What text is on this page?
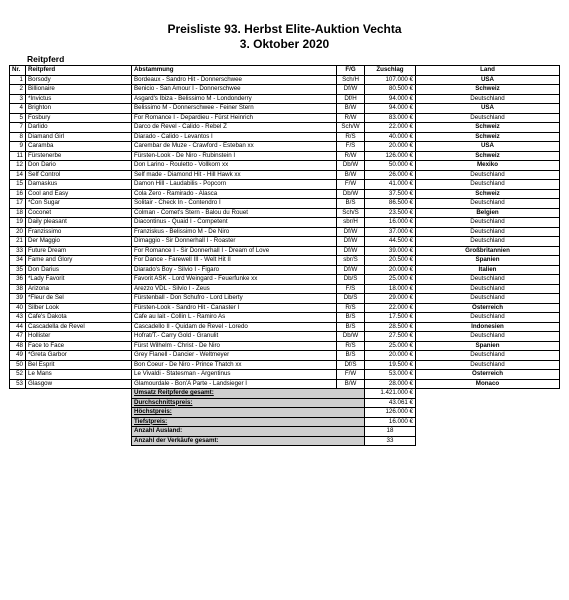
Preisliste 93. Herbst Elite-Auktion Vechta
3. Oktober 2020
Reitpferd
Nr.	Reitpferd	Abstammung	F/G	Zuschlag	Land
1	Borsody	Bordeaux - Sandro Hit - Donnerschwee	Sch/H	107.000 €	USA
2	Billionaire	Benicio - San Amour I - Donnerschwee	Df/W	80.500 €	Schweiz
3	*Invictus	Asgard's Ibiza - Belissimo M - Londonderry	Df/H	94.000 €	Deutschland
4	Brighton	Belissimo M - Donnerschwee - Feiner Stern	B/W	94.000 €	USA
5	Fosbury	For Romance I - Depardieu - Fürst Heinrich	R/W	83.000 €	Deutschland
7	Darlido	Darco de Revel - Calido - Rebel Z	Sch/W	22.000 €	Schweiz
8	Diamand Girl	Diarado - Calido - Levantos I	R/S	40.000 €	Schweiz
9	Caramba	Carembar de Muze - Crawford - Esteban xx	F/S	20.000 €	USA
11	Fürstenerbe	Fürsten-Look - De Niro - Rubinstein I	R/W	126.000 €	Schweiz
12	Don Dario	Don Larino - Rouletto - Vollkorn xx	Db/W	50.000 €	Mexiko
14	Self Control	Self made - Diamond Hit - Hill Hawk xx	B/W	26.000 €	Deutschland
15	Damaskus	Damon Hill - Laudabilis - Popcorn	F/W	41.000 €	Deutschland
16	Cool and Easy	Cola Zero - Ramirado - Alasca	Db/W	37.500 €	Schweiz
17	*Con Sugar	Solitair - Check In - Contendro I	B/S	86.500 €	Deutschland
18	Coconet	Colman - Comet's Stern - Balou du Rouet	Sch/S	23.500 €	Belgien
19	Daily pleasant	Diacontinus - Quaid I - Competent	sbr/H	16.000 €	Deutschland
20	Franzissimo	Franziskus - Belissimo M - De Niro	Df/W	37.000 €	Deutschland
21	Der Maggio	Dimaggio - Sir Donnerhall I - Roaster	Df/W	44.500 €	Deutschland
33	Future Dream	For Romance I - Sir Donnerhall I - Dream of Love	Df/W	39.000 €	Großbritannien
34	Fame and Glory	For Dance - Farewell III - Welt Hit II	sbr/S	20.500 €	Spanien
35	Don Darius	Diarado's Boy - Silvio I - Figaro	Df/W	20.000 €	Italien
36	*Lady Favorit	Favorit ASK - Lord Weingard - Feuerfunke xx	Db/S	25.000 €	Deutschland
38	Arizona	Arezzo VDL - Silvio I - Zeus	F/S	18.000 €	Deutschland
39	*Fleur de Sel	Fürstenball - Don Schufro - Lord Liberty	Db/S	29.000 €	Deutschland
40	Silber Look	Fürsten-Look - Sandro Hit - Canaster I	R/S	22.000 €	Österreich
43	Cafe's Dakota	Cafe au lait - Collin L - Ramiro As	B/S	17.500 €	Deutschland
44	Cascadella de Revel	Cascadello II - Quidam de Revel - Loredo	B/S	28.500 €	Indonesien
47	Hollister	Hofrat/T.- Carry Gold - Granulit	Db/W	27.500 €	Deutschland
48	Face to Face	Fürst Wilhelm - Christ - De Niro	R/S	25.000 €	Spanien
49	*Greta Garbor	Grey Flanell - Dancier - Weltmeyer	B/S	20.000 €	Deutschland
50	Bel Esprit	Bon Coeur - De Niro - Prince Thatch xx	Df/S	19.500 €	Deutschland
52	Le Mans	Le Vivaldi - Statesman - Argentinus	F/W	53.000 €	Österreich
53	Glasgow	Glamourdale - Bon'A Parte - Landsieger I	B/W	28.000 €	Monaco
		Umsatz Reitpferde gesamt:		1.421.000 €	
		Durchschnittspreis:		43.061 €	
		Höchstpreis:		126.000 €	
		Tiefstpreis:		16.000 €	
		Anzahl Ausland:		18	
		Anzahl der Verkäufe gesamt:		33	
